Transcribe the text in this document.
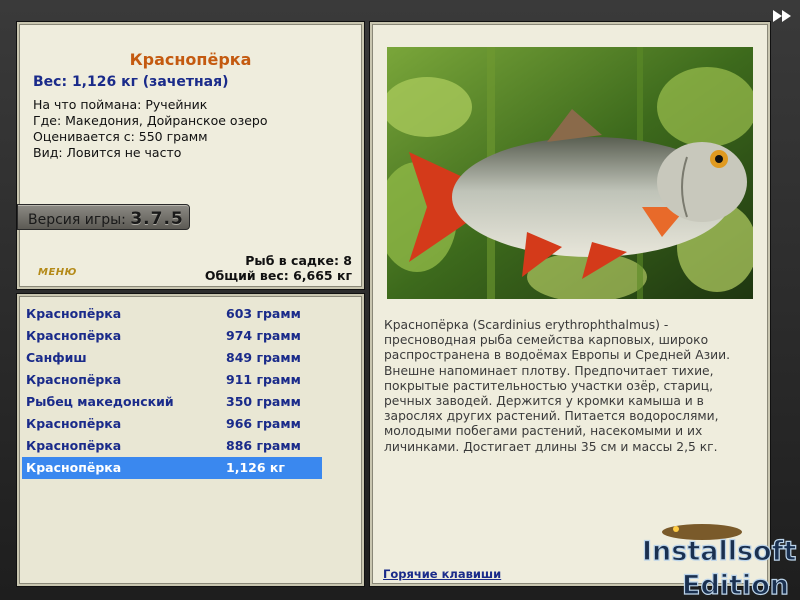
Краснопёрка
Вес: 1,126 кг (зачетная)
На что поймана: Ручейник
Где: Македония, Дойранское озеро
Оценивается с: 550 грамм
Вид: Ловится не часто
Версия игры: 3.7.5
MЕНЮ
Рыб в садке: 8
Общий вес: 6,665 кг
Краснопёрка	603 грамм
Краснопёрка	974 грамм
Санфиш	849 грамм
Краснопёрка	911 грамм
Рыбец македонский	350 грамм
Краснопёрка	966 грамм
Краснопёрка	886 грамм
Краснопёрка	1,126 кг
Краснопёрка (Scardinius erythrophthalmus) - пресноводная рыба семейства карповых, широко распространена в водоёмах Европы и Средней Азии. Внешне напоминает плотву. Предпочитает тихие, покрытые растительностью участки озёр, стариц, речных заводей. Держится у кромки камыша и в зарослях других растений. Питается водорослями, молодыми побегами растений, насекомыми и их личинками. Достигает длины 35 см и массы 2,5 кг.
Горячие клавиши
Installsoft
Edition
